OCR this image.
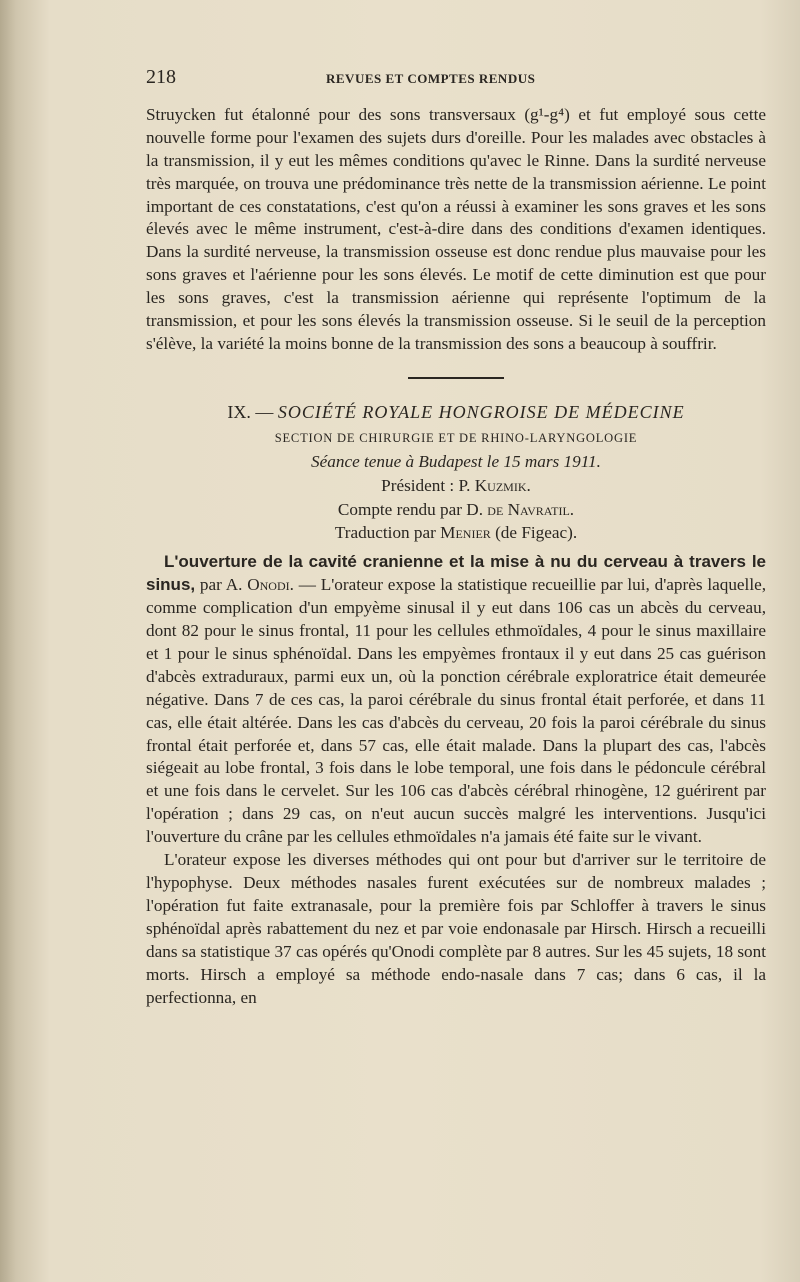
218	REVUES ET COMPTES RENDUS

Struycken fut étalonné pour des sons transversaux (g¹-g⁴) et fut employé sous cette nouvelle forme pour l'examen des sujets durs d'oreille. Pour les malades avec obstacles à la transmission, il y eut les mêmes conditions qu'avec le Rinne. Dans la surdité nerveuse très marquée, on trouva une prédominance très nette de la transmission aérienne. Le point important de ces constatations, c'est qu'on a réussi à examiner les sons graves et les sons élevés avec le même instrument, c'est-à-dire dans des conditions d'examen identiques. Dans la surdité nerveuse, la transmission osseuse est donc rendue plus mauvaise pour les sons graves et l'aérienne pour les sons élevés. Le motif de cette diminution est que pour les sons graves, c'est la transmission aérienne qui représente l'optimum de la transmission, et pour les sons élevés la transmission osseuse. Si le seuil de la perception s'élève, la variété la moins bonne de la transmission des sons a beaucoup à souffrir.

IX. — SOCIÉTÉ ROYALE HONGROISE DE MÉDECINE
SECTION DE CHIRURGIE ET DE RHINO-LARYNGOLOGIE
Séance tenue à Budapest le 15 mars 1911.
Président : P. Kuzmik.
Compte rendu par D. de Navratil.
Traduction par Menier (de Figeac).

L'ouverture de la cavité cranienne et la mise à nu du cerveau à travers le sinus, par A. Onodi. — L'orateur expose la statistique recueillie par lui, d'après laquelle, comme complication d'un empyème sinusal il y eut dans 106 cas un abcès du cerveau, dont 82 pour le sinus frontal, 11 pour les cellules ethmoïdales, 4 pour le sinus maxillaire et 1 pour le sinus sphénoïdal. Dans les empyèmes frontaux il y eut dans 25 cas guérison d'abcès extraduraux, parmi eux un, où la ponction cérébrale exploratrice était demeurée négative. Dans 7 de ces cas, la paroi cérébrale du sinus frontal était perforée, et dans 11 cas, elle était altérée. Dans les cas d'abcès du cerveau, 20 fois la paroi cérébrale du sinus frontal était perforée et, dans 57 cas, elle était malade. Dans la plupart des cas, l'abcès siégeait au lobe frontal, 3 fois dans le lobe temporal, une fois dans le pédoncule cérébral et une fois dans le cervelet. Sur les 106 cas d'abcès cérébral rhinogène, 12 guérirent par l'opération ; dans 29 cas, on n'eut aucun succès malgré les interventions. Jusqu'ici l'ouverture du crâne par les cellules ethmoïdales n'a jamais été faite sur le vivant.

L'orateur expose les diverses méthodes qui ont pour but d'arriver sur le territoire de l'hypophyse. Deux méthodes nasales furent exécutées sur de nombreux malades ; l'opération fut faite extranasale, pour la première fois par Schloffer à travers le sinus sphénoïdal après rabattement du nez et par voie endonasale par Hirsch. Hirsch a recueilli dans sa statistique 37 cas opérés qu'Onodi complète par 8 autres. Sur les 45 sujets, 18 sont morts. Hirsch a employé sa méthode endo-nasale dans 7 cas; dans 6 cas, il la perfectionna, en
